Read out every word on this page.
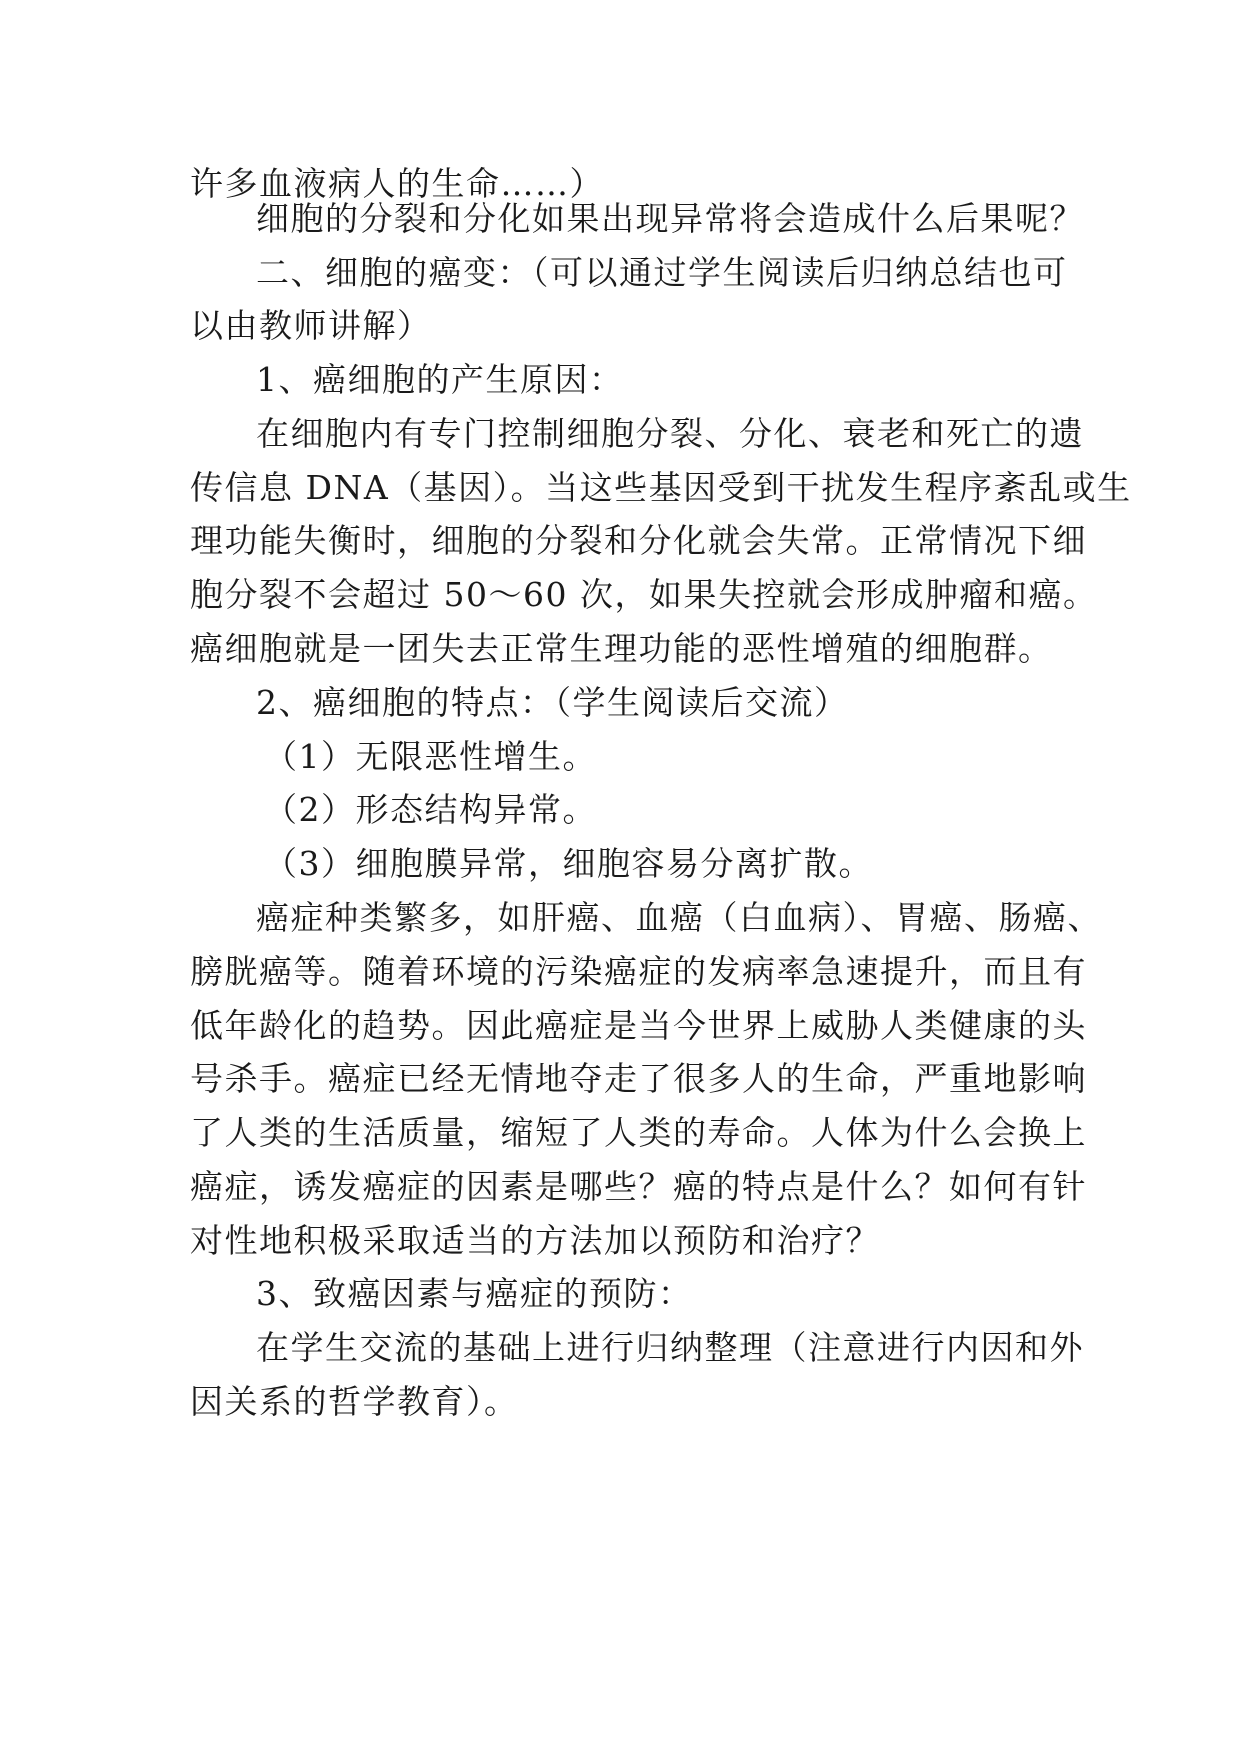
许多血液病人的生命……）
细胞的分裂和分化如果出现异常将会造成什么后果呢？
二、细胞的癌变：（可以通过学生阅读后归纳总结也可
以由教师讲解）
1、癌细胞的产生原因：
在细胞内有专门控制细胞分裂、分化、衰老和死亡的遗
传信息 DNA（基因）。当这些基因受到干扰发生程序紊乱或生
理功能失衡时，细胞的分裂和分化就会失常。正常情况下细
胞分裂不会超过 50～60 次，如果失控就会形成肿瘤和癌。
癌细胞就是一团失去正常生理功能的恶性增殖的细胞群。
2、癌细胞的特点：（学生阅读后交流）
（1）无限恶性增生。
（2）形态结构异常。
（3）细胞膜异常，细胞容易分离扩散。
癌症种类繁多，如肝癌、血癌（白血病）、胃癌、肠癌、
膀胱癌等。随着环境的污染癌症的发病率急速提升，而且有
低年龄化的趋势。因此癌症是当今世界上威胁人类健康的头
号杀手。癌症已经无情地夺走了很多人的生命，严重地影响
了人类的生活质量，缩短了人类的寿命。人体为什么会换上
癌症，诱发癌症的因素是哪些？癌的特点是什么？如何有针
对性地积极采取适当的方法加以预防和治疗？
3、致癌因素与癌症的预防：
在学生交流的基础上进行归纳整理（注意进行内因和外
因关系的哲学教育）。
